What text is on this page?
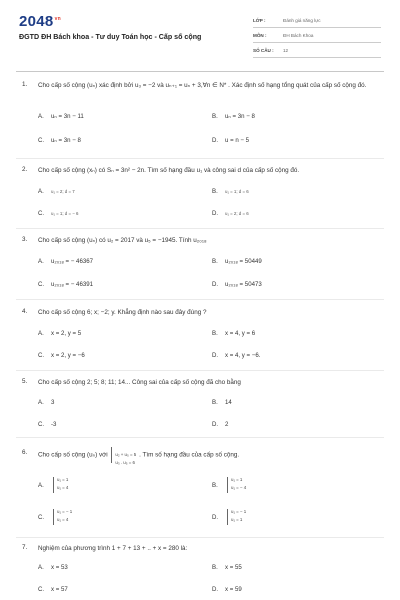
$2048^{vn}$
ĐGTD ĐH Bách khoa - Tư duy Toán học - Cấp số cộng
LỚP :	Đánh giá năng lực
MÔN :	ĐH Bách Khoa
SỐ CÂU : 12
1. Cho cấp số cộng (uₙ) xác định bởi u₃ = −2 và uₙ₊₁ = uₙ + 3,∀n ∈ N* . Xác định số hạng tổng quát của cấp số cộng đó.
A. uₙ = 3n − 11	B. uₙ = 3n − 8
C. uₙ = 3n − 8	D. u = n − 5
2. Cho cấp số cộng (xₙ) có Sₙ = 3n² − 2n. Tìm số hạng đầu u₁ và công sai d của cấp số cộng đó.
A. u₁ = 2; d = 7	B. u₁ = 1; d = 6
C. u₁ = 1; d = − 6	D. u₁ = 2; d = 6
3. Cho cấp số cộng (uₙ) có u₂ = 2017 và u₅ = −1945. Tính u₂₀₁₈
A. u₂₀₁₈ = − 46367	B. u₂₀₁₈ = 50449
C. u₂₀₁₈ = − 46391	D. u₂₀₁₈ = 50473
4. Cho cấp số cộng 6; x; −2; y. Khẳng định nào sau đây đúng ?
A. x = 2, y = 5	B. x = 4, y = 6
C. x = 2, y = −6	D. x = 4, y = −6.
5. Cho cấp số cộng 2; 5; 8; 11; 14... Công sai của cấp số cộng đã cho bằng
A. 3	B. 14
C. -3	D. 2
6. Cho cấp số cộng (uₙ) với u₂ + u₅ = 5
u₃ . u₅ = 6
. Tìm số hạng đầu của cấp số cộng.
A.
u₁ = 1
u₁ = 4	B.
u₁ = 1
u₁ = − 4
C.
u₁ = − 1
u₁ = 4	D.
u₁ = − 1
u₁ = 1
7. Nghiệm của phương trình 1 + 7 + 13 + .. + x = 280 là:
A. x = 53	B. x = 55
C. x = 57	D. x = 59
